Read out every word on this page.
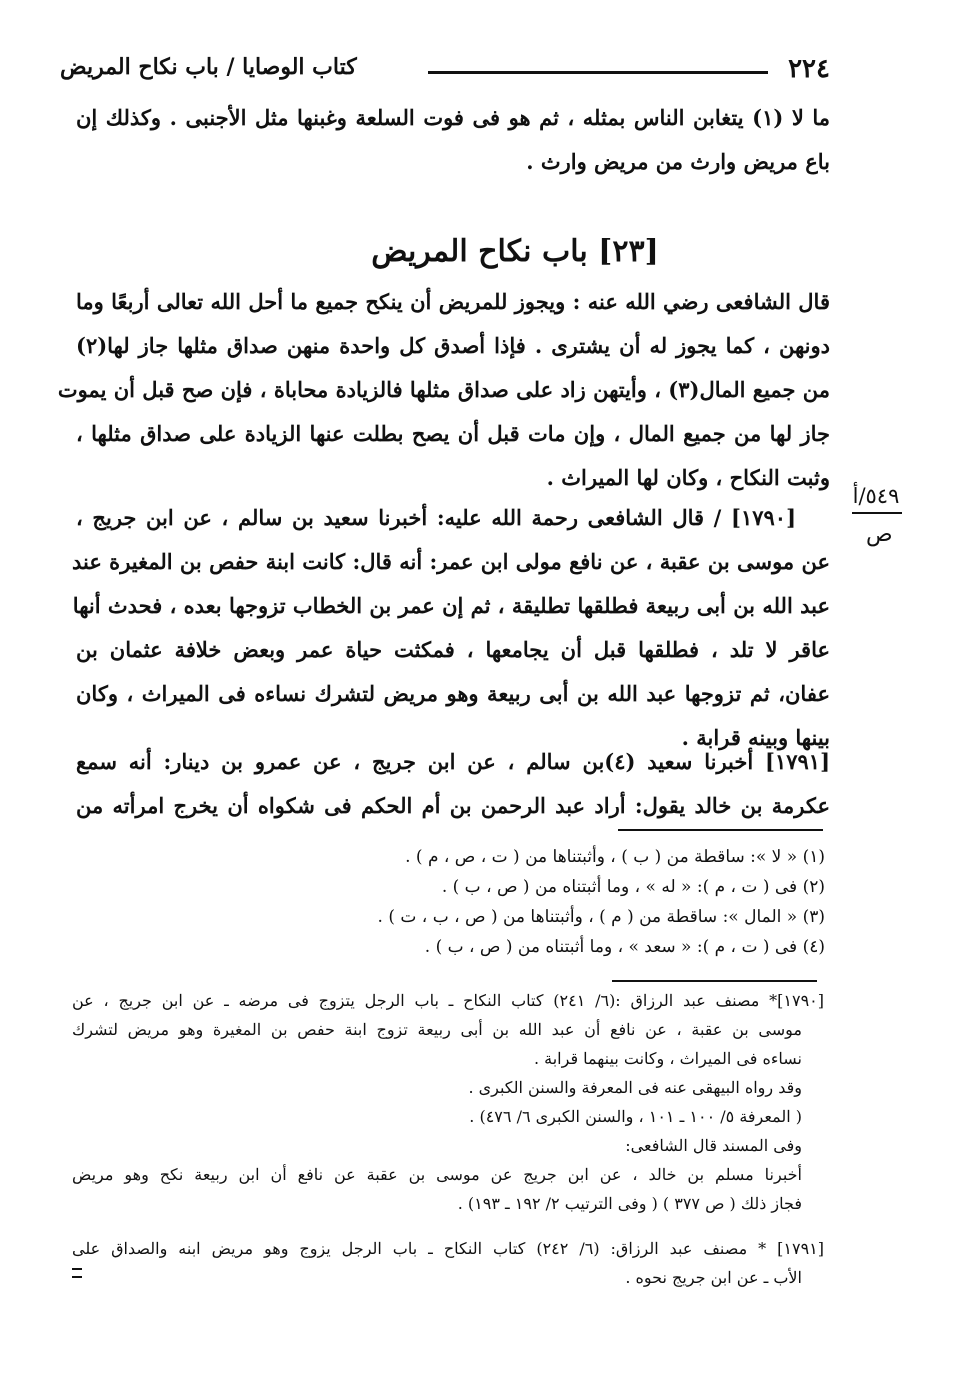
٢٢٤
كتاب الوصايا / باب نكاح المريض
ما لا (١) يتغابن الناس بمثله ، ثم هو فى فوت السلعة وغبنها مثل الأجنبى . وكذلك إن
باع مريض وارث من مريض وارث .
[٢٣] باب نكاح المريض
قال الشافعى رضي الله عنه : ويجوز للمريض أن ينكح جميع ما أحل الله تعالى أربعًا وما
دونهن ، كما يجوز له أن يشترى . فإذا أصدق كل واحدة منهن صداق مثلها جاز لها(٢)
من جميع المال(٣) ، وأيتهن زاد على صداق مثلها فالزيادة محاباة ، فإن صح قبل أن يموت
جاز لها من جميع المال ، وإن مات قبل أن يصح بطلت عنها الزيادة على صداق مثلها ،
وثبت النكاح ، وكان لها الميراث .
٥٤٩/أ
ص
[١٧٩٠] / قال الشافعى رحمة الله عليه: أخبرنا سعيد بن سالم ، عن ابن جريج ،
عن موسى بن عقبة ، عن نافع مولى ابن عمر: أنه قال: كانت ابنة حفص بن المغيرة عند
عبد الله بن أبى ربيعة فطلقها تطليقة ، ثم إن عمر بن الخطاب تزوجها بعده ، فحدث أنها
عاقر لا تلد ، فطلقها قبل أن يجامعها ، فمكثت حياة عمر وبعض خلافة عثمان بن
عفان، ثم تزوجها عبد الله بن أبى ربيعة وهو مريض لتشرك نساءه فى الميراث ، وكان
بينها وبينه قرابة .
[١٧٩١] أخبرنا سعيد (٤)بن سالم ، عن ابن جريج ، عن عمرو بن دينار: أنه سمع
عكرمة بن خالد يقول: أراد عبد الرحمن بن أم الحكم فى شكواه أن يخرج امرأته من
(١) « لا »: ساقطة من ( ب ) ، وأثبتناها من ( ت ، ص ، م ) .
(٢) فى ( ت ، م ): « له » ، وما أثبتناه من ( ص ، ب ) .
(٣) « المال »: ساقطة من ( م ) ، وأثبتناها من ( ص ، ب ، ت ) .
(٤) فى ( ت ، م ): « سعد » ، وما أثبتناه من ( ص ، ب ) .
[١٧٩٠]* مصنف عبد الرزاق :(٦/ ٢٤١) كتاب النكاح ـ باب الرجل يتزوج فى مرضه ـ عن ابن جريج ، عن
موسى بن عقبة ، عن نافع أن عبد الله بن أبى ربيعة تزوج ابنة حفص بن المغيرة وهو مريض لتشرك
نساءه فى الميراث ، وكانت بينهما قرابة .
وقد رواه البيهقى عنه فى المعرفة والسنن الكبرى .
( المعرفة ٥/ ١٠٠ ـ ١٠١ ، والسنن الكبرى ٦/ ٤٧٦) .
وفى المسند قال الشافعى:
أخبرنا مسلم بن خالد ، عن ابن جريج عن موسى بن عقبة عن نافع أن ابن ربيعة نكح وهو مريض
فجاز ذلك ( ص ٣٧٧ ) ( وفى الترتيب ٢/ ١٩٢ ـ ١٩٣) .
[١٧٩١] * مصنف عبد الرزاق: (٦/ ٢٤٢) كتاب النكاح ـ باب الرجل يزوج وهو مريض ابنه والصداق على
الأب ـ عن ابن جريج نحوه .
